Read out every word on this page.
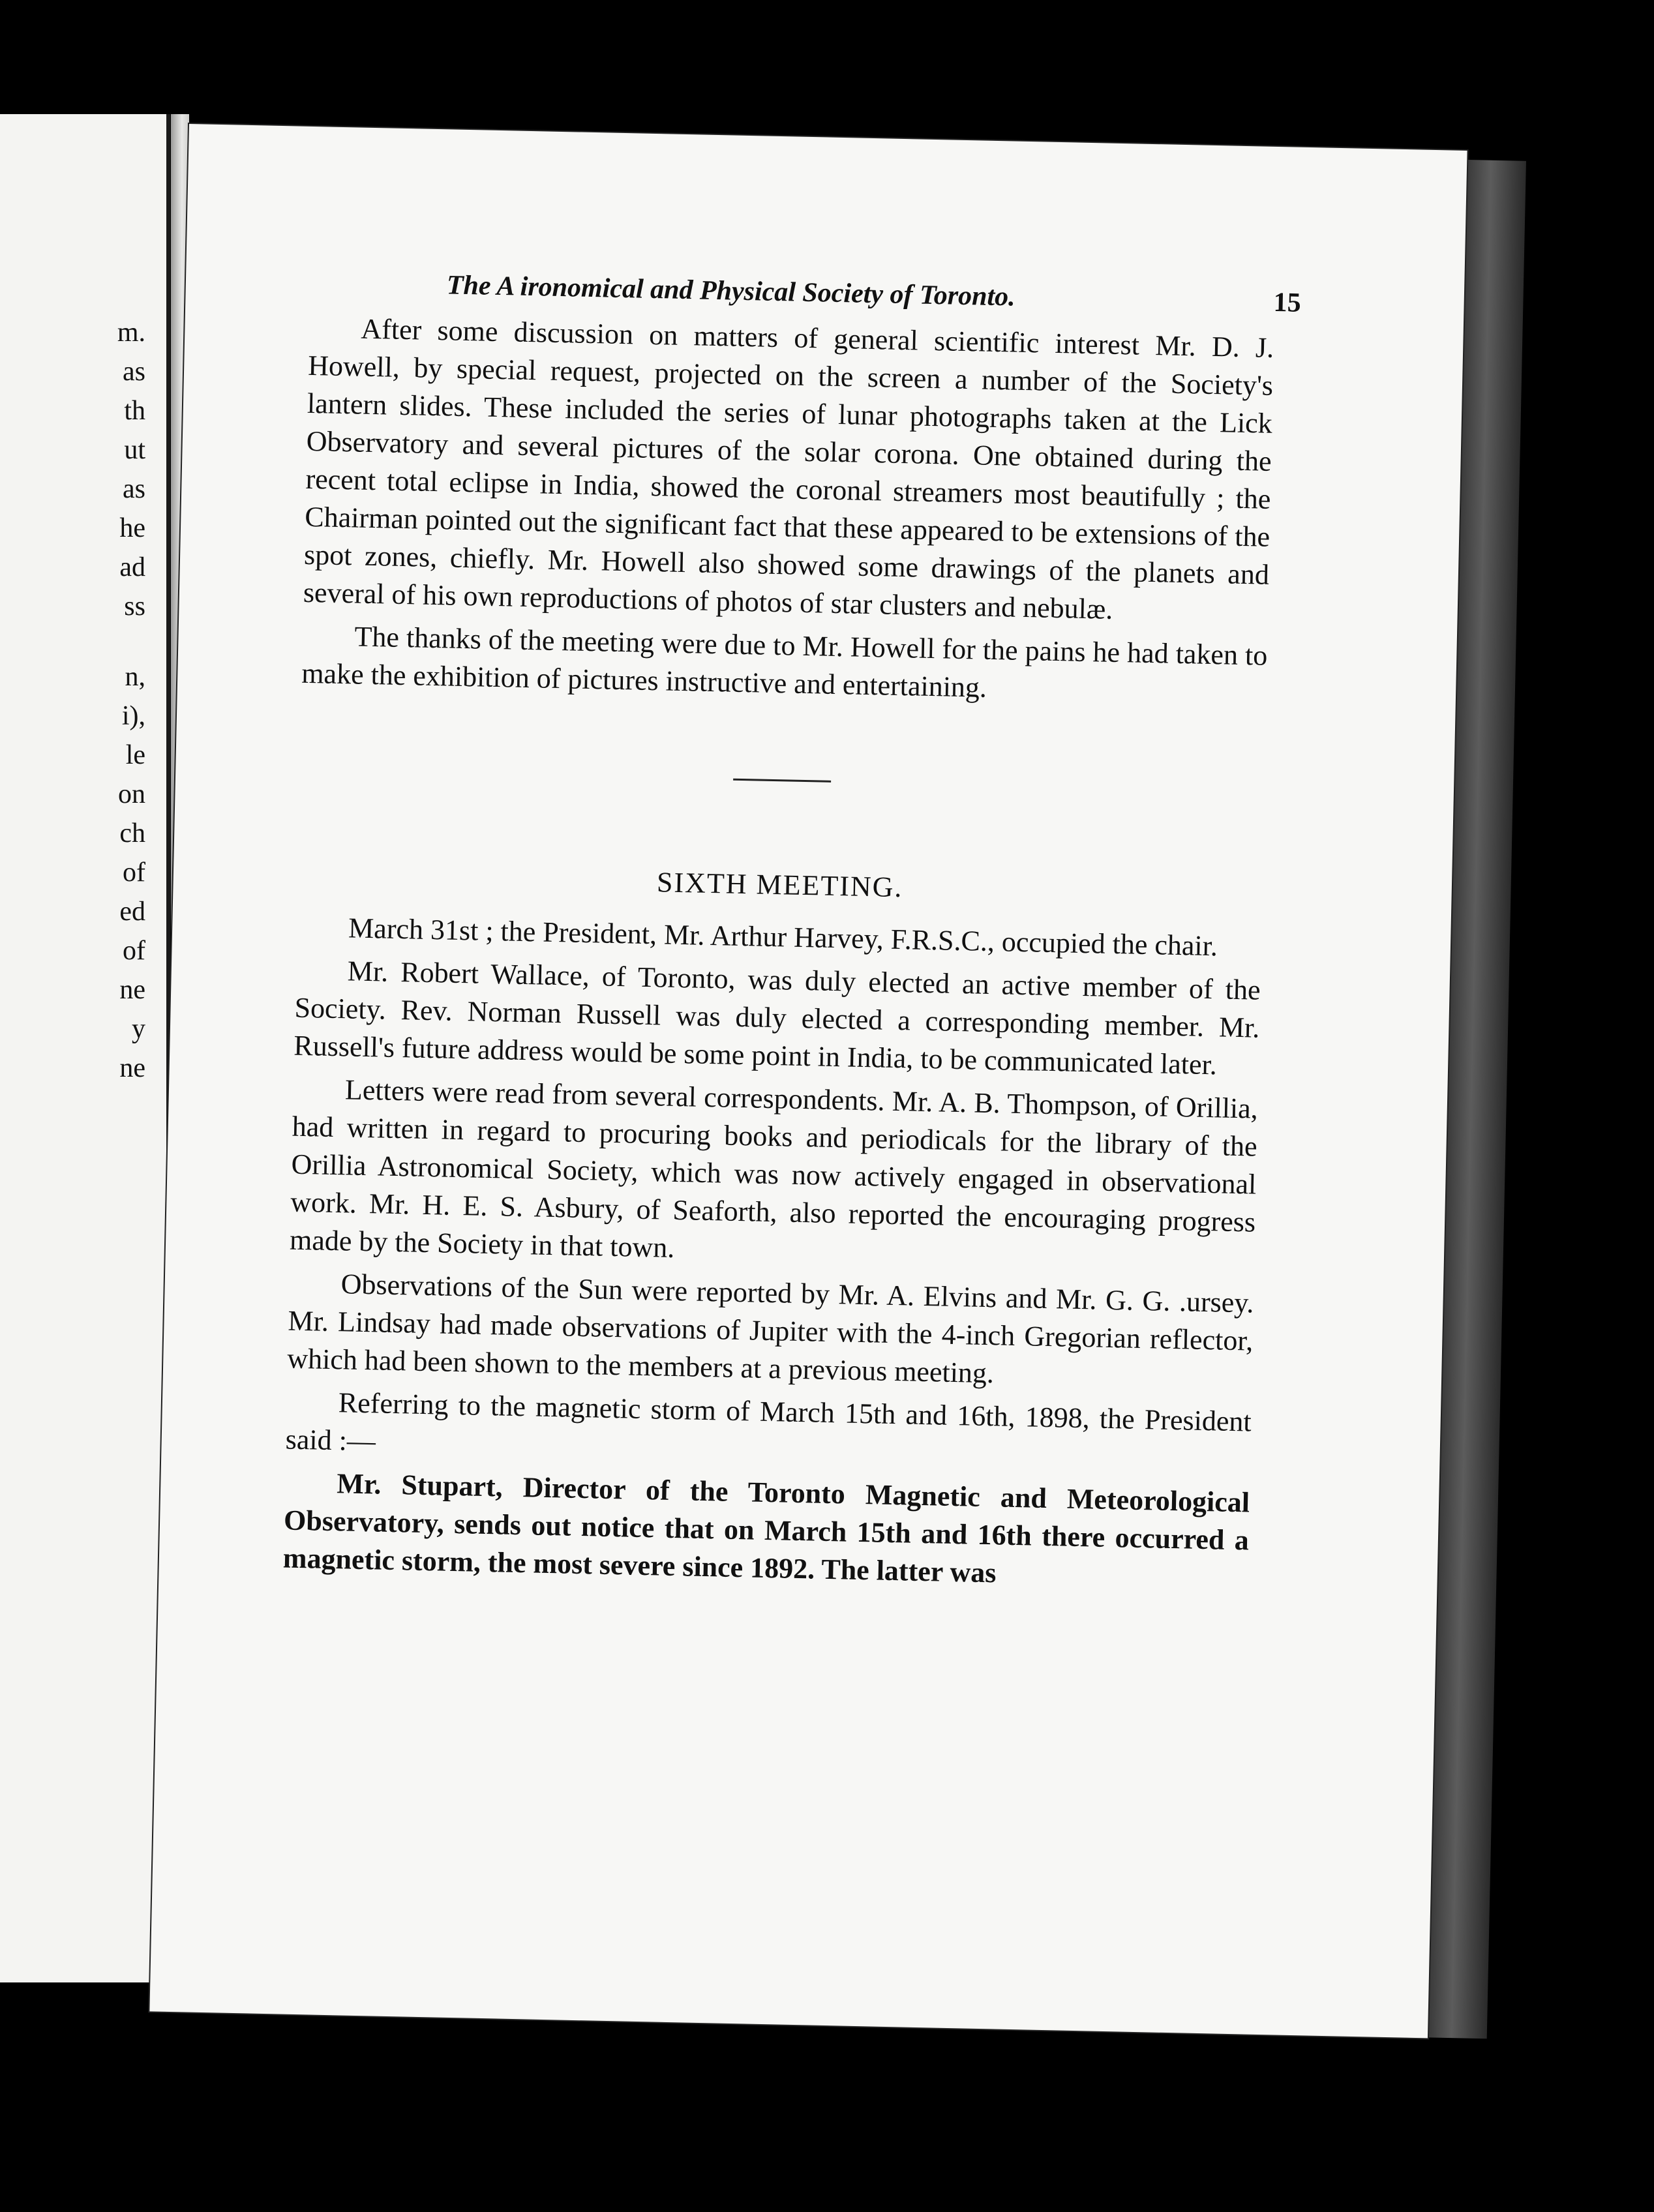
m.
as
th
ut
as
he
ad
ss
n,
i),
le
on
ch
of
ed
of
ne
y
ne
The A ironomical and Physical Society of Toronto.	15

After some discussion on matters of general scientific interest Mr. D. J. Howell, by special request, projected on the screen a number of the Society's lantern slides. These included the series of lunar photographs taken at the Lick Observatory and several pictures of the solar corona. One obtained during the recent total eclipse in India, showed the coronal streamers most beautifully ; the Chairman pointed out the significant fact that these appeared to be extensions of the spot zones, chiefly. Mr. Howell also showed some drawings of the planets and several of his own reproductions of photos of star clusters and nebulæ.

The thanks of the meeting were due to Mr. Howell for the pains he had taken to make the exhibition of pictures instructive and entertaining.

SIXTH MEETING.

March 31st ; the President, Mr. Arthur Harvey, F.R.S.C., occupied the chair.

Mr. Robert Wallace, of Toronto, was duly elected an active member of the Society. Rev. Norman Russell was duly elected a corresponding member. Mr. Russell's future address would be some point in India, to be communicated later.

Letters were read from several correspondents. Mr. A. B. Thompson, of Orillia, had written in regard to procuring books and periodicals for the library of the Orillia Astronomical Society, which was now actively engaged in observational work. Mr. H. E. S. Asbury, of Seaforth, also reported the encouraging progress made by the Society in that town.

Observations of the Sun were reported by Mr. A. Elvins and Mr. G. G. .ursey. Mr. Lindsay had made observations of Jupiter with the 4-inch Gregorian reflector, which had been shown to the members at a previous meeting.

Referring to the magnetic storm of March 15th and 16th, 1898, the President said :—

Mr. Stupart, Director of the Toronto Magnetic and Meteorological Observatory, sends out notice that on March 15th and 16th there occurred a magnetic storm, the most severe since 1892. The latter was
